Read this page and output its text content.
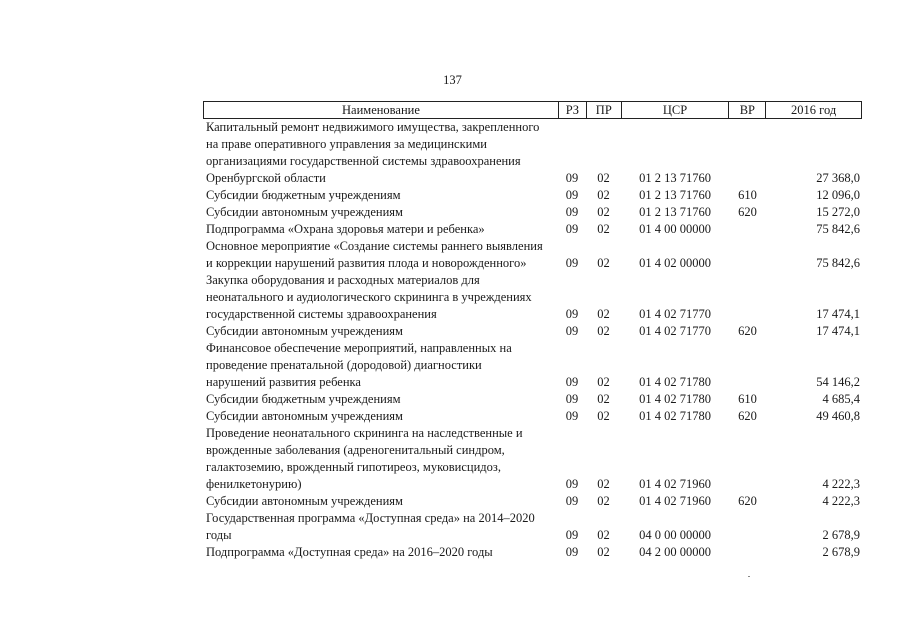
137
Наименование	РЗ	ПР	ЦСР	ВР	2016 год
Капитальный ремонт недвижимого имущества, закрепленного
на праве оперативного управления за медицинскими
организациями государственной системы здравоохранения
Оренбургской области	09	02	01 2 13 71760	27 368,0
Субсидии бюджетным учреждениям	09	02	01 2 13 71760	610	12 096,0
Субсидии автономным учреждениям	09	02	01 2 13 71760	620	15 272,0
Подпрограмма «Охрана здоровья матери и ребенка»	09	02	01 4 00 00000	75 842,6
Основное мероприятие «Создание системы раннего выявления
и коррекции нарушений развития плода и новорожденного»	09	02	01 4 02 00000	75 842,6
Закупка оборудования и расходных материалов для
неонатального и аудиологического скрининга в учреждениях
государственной системы здравоохранения	09	02	01 4 02 71770	17 474,1
Субсидии автономным учреждениям	09	02	01 4 02 71770	620	17 474,1
Финансовое обеспечение мероприятий, направленных на
проведение пренатальной (дородовой) диагностики
нарушений развития ребенка	09	02	01 4 02 71780	54 146,2
Субсидии бюджетным учреждениям	09	02	01 4 02 71780	610	4 685,4
Субсидии автономным учреждениям	09	02	01 4 02 71780	620	49 460,8
Проведение неонатального скрининга на наследственные и
врожденные заболевания (адреногенитальный синдром,
галактоземию, врожденный гипотиреоз, муковисцидоз,
фенилкетонурию)	09	02	01 4 02 71960	4 222,3
Субсидии автономным учреждениям	09	02	01 4 02 71960	620	4 222,3
Государственная программа «Доступная среда» на 2014–2020
годы	09	02	04 0 00 00000	2 678,9
Подпрограмма «Доступная среда» на 2016–2020 годы	09	02	04 2 00 00000	2 678,9
